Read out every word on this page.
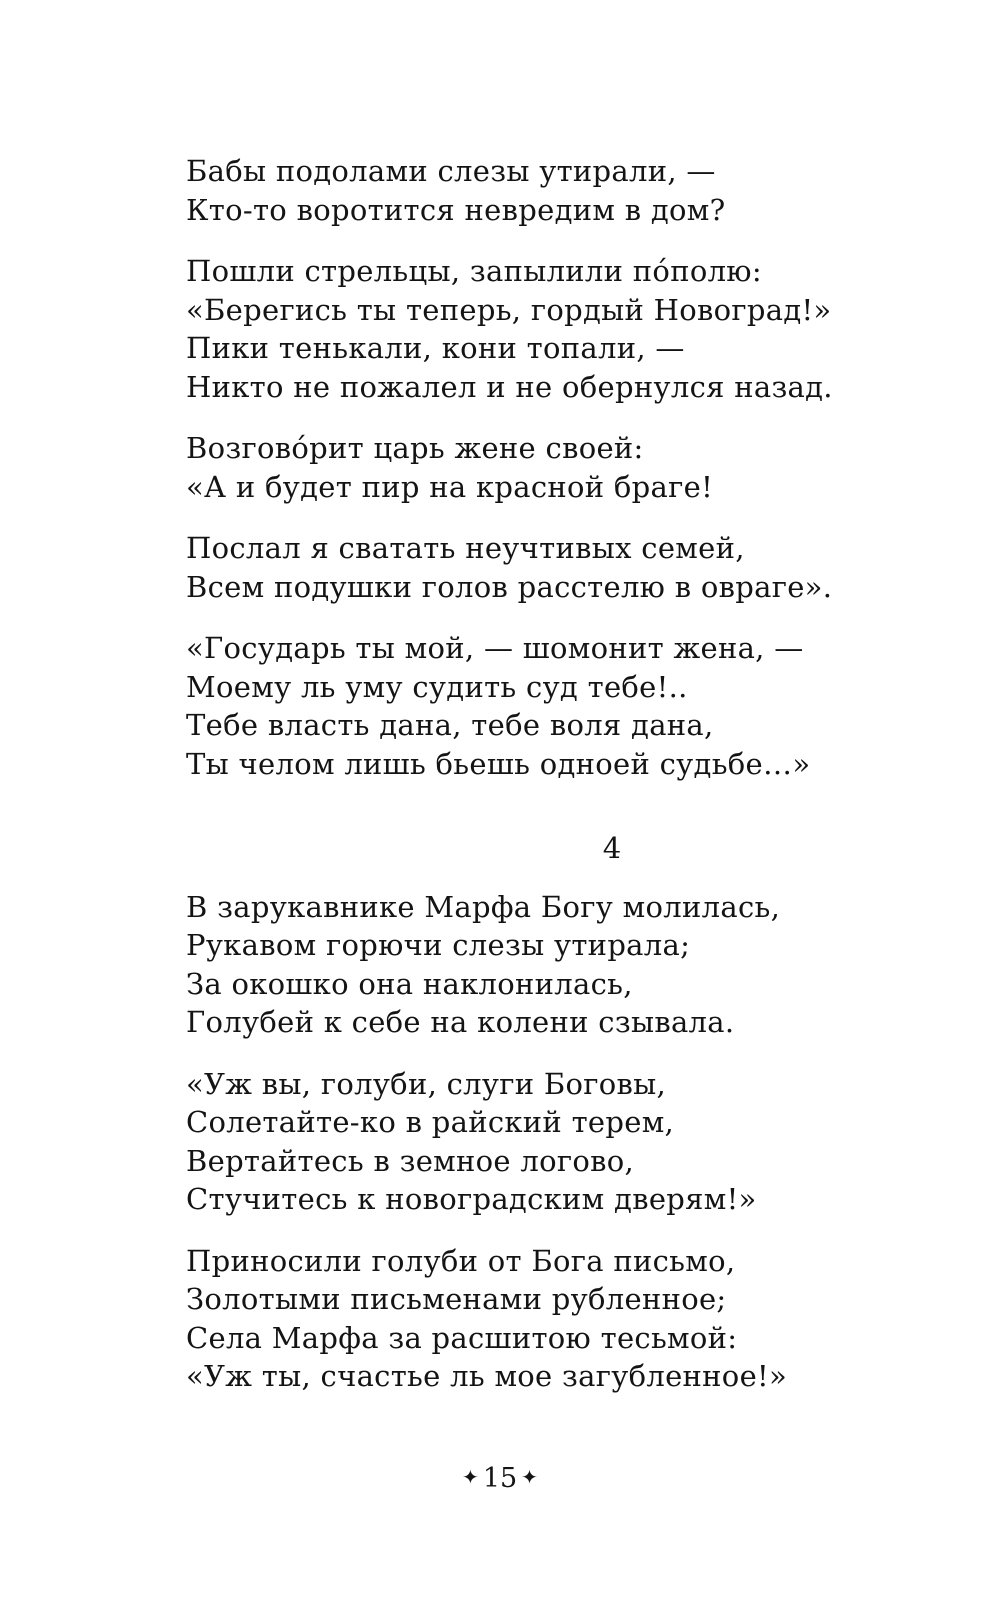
Бабы подолами слезы утирали, —
Кто-то воротится невредим в дом?
Пошли стрельцы, запылили по́полю:
«Берегись ты теперь, гордый Новоград!»
Пики тенькали, кони топали, —
Никто не пожалел и не обернулся назад.
Возгово́рит царь жене своей:
«А и будет пир на красной браге!
Послал я сватать неучтивых семей,
Всем подушки голов расстелю в овраге».
«Государь ты мой, — шомонит жена, —
Моему ль уму судить суд тебе!..
Тебе власть дана, тебе воля дана,
Ты челом лишь бьешь одноей судьбе…»
4
В зарукавнике Марфа Богу молилась,
Рукавом горючи слезы утирала;
За окошко она наклонилась,
Голубей к себе на колени сзывала.
«Уж вы, голуби, слуги Боговы,
Солетайте-ко в райский терем,
Вертайтесь в земное логово,
Стучитесь к новоградским дверям!»
Приносили голуби от Бога письмо,
Золотыми письменами рубленное;
Села Марфа за расшитою тесьмой:
«Уж ты, счастье ль мое загубленное!»
✦ 15 ✦
